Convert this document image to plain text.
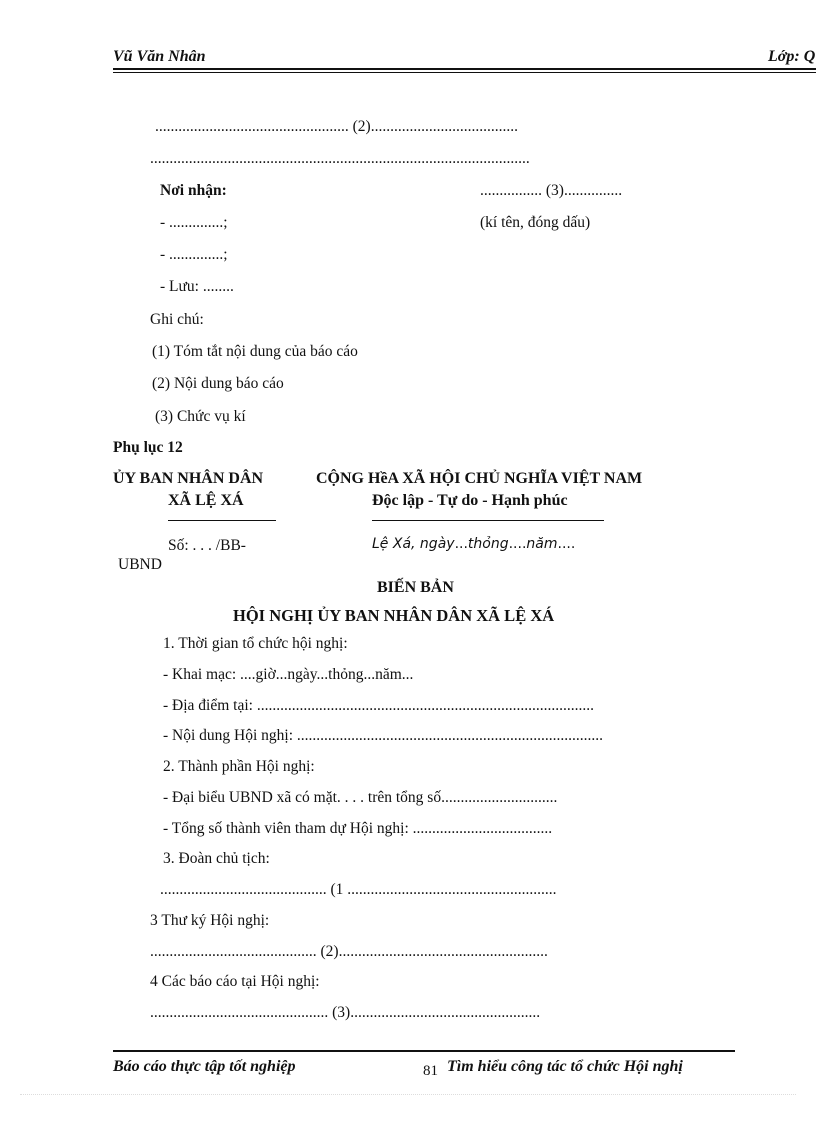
Vũ Văn Nhân	Lớp: Q
.................................................. (2)......................................
..................................................................................................
Nơi nhận:	................ (3)...............
- ..............;	(kí tên, đóng dấu)
- ..............;
- Lưu: ........
Ghi chú:
(1) Tóm tắt nội dung của báo cáo
(2) Nội dung báo cáo
(3) Chức vụ kí
Phụ lục 12
ỦY BAN NHÂN DÂN	CỘNG HềA XÃ HỘI CHỦ NGHĨA VIỆT NAM
XÃ LỆ XÁ	Độc lập - Tự do - Hạnh phúc
Số: . . . /BB-	Lệ Xá, ngày...thỏng....năm....
UBND
BIẾN BẢN
HỘI NGHỊ ỦY BAN NHÂN DÂN XÃ LỆ XÁ
1. Thời gian tổ chức hội nghị:
- Khai mạc: ....giờ...ngày...thỏng...năm...
- Địa điểm tại: .......................................................................................
- Nội dung Hội nghị: ...............................................................................
2. Thành phần Hội nghị:
- Đại biểu UBND xã có mặt. . . . trên tổng số..............................
- Tổng số thành viên tham dự Hội nghị: ....................................
3. Đoàn chủ tịch:
........................................... (1 ......................................................
3 Thư ký Hội nghị:
........................................... (2)......................................................
4 Các báo cáo tại Hội nghị:
.............................................. (3).................................................
Báo cáo thực tập tốt nghiệp	81 Tìm hiểu công tác tổ chức Hội nghị
